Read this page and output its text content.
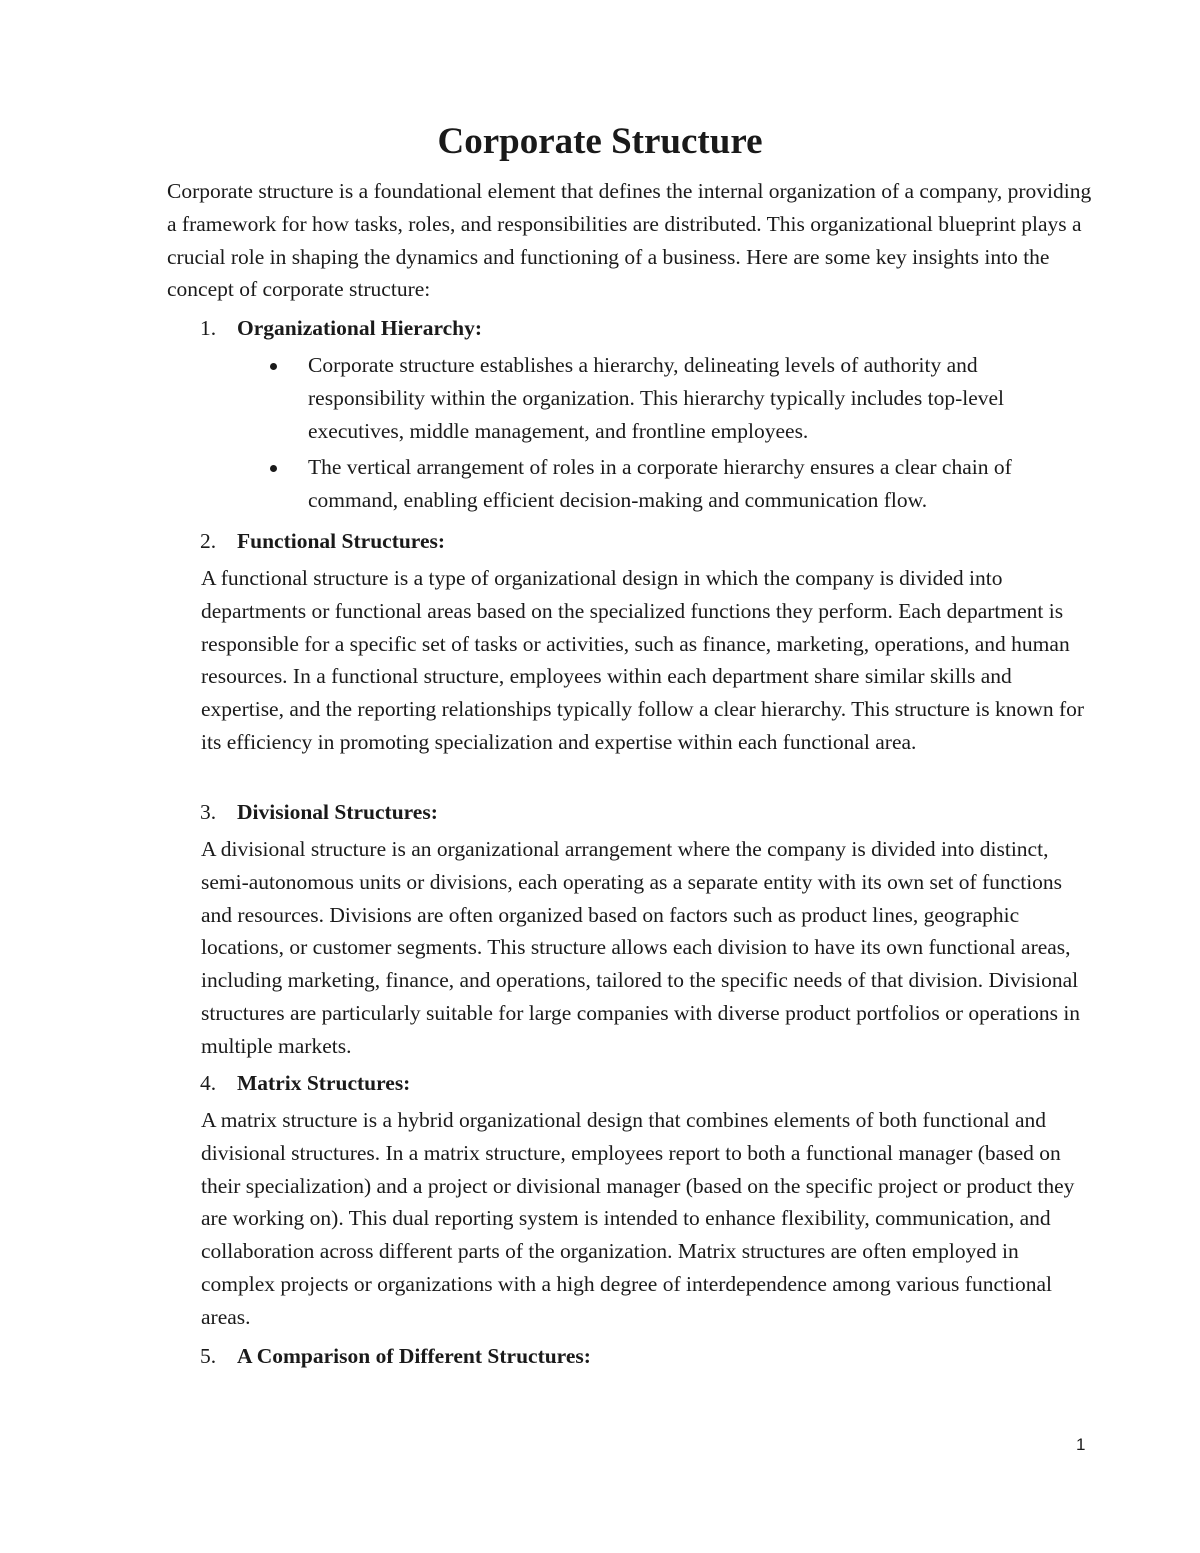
Corporate Structure

Corporate structure is a foundational element that defines the internal organization of a company, providing a framework for how tasks, roles, and responsibilities are distributed. This organizational blueprint plays a crucial role in shaping the dynamics and functioning of a business. Here are some key insights into the concept of corporate structure:

1. Organizational Hierarchy:
Corporate structure establishes a hierarchy, delineating levels of authority and responsibility within the organization. This hierarchy typically includes top-level executives, middle management, and frontline employees.
The vertical arrangement of roles in a corporate hierarchy ensures a clear chain of command, enabling efficient decision-making and communication flow.
2. Functional Structures:

A functional structure is a type of organizational design in which the company is divided into departments or functional areas based on the specialized functions they perform. Each department is responsible for a specific set of tasks or activities, such as finance, marketing, operations, and human resources. In a functional structure, employees within each department share similar skills and expertise, and the reporting relationships typically follow a clear hierarchy. This structure is known for its efficiency in promoting specialization and expertise within each functional area.

3. Divisional Structures:

A divisional structure is an organizational arrangement where the company is divided into distinct, semi-autonomous units or divisions, each operating as a separate entity with its own set of functions and resources. Divisions are often organized based on factors such as product lines, geographic locations, or customer segments. This structure allows each division to have its own functional areas, including marketing, finance, and operations, tailored to the specific needs of that division. Divisional structures are particularly suitable for large companies with diverse product portfolios or operations in multiple markets.

4. Matrix Structures:

A matrix structure is a hybrid organizational design that combines elements of both functional and divisional structures. In a matrix structure, employees report to both a functional manager (based on their specialization) and a project or divisional manager (based on the specific project or product they are working on). This dual reporting system is intended to enhance flexibility, communication, and collaboration across different parts of the organization. Matrix structures are often employed in complex projects or organizations with a high degree of interdependence among various functional areas.

5. A Comparison of Different Structures:
1
